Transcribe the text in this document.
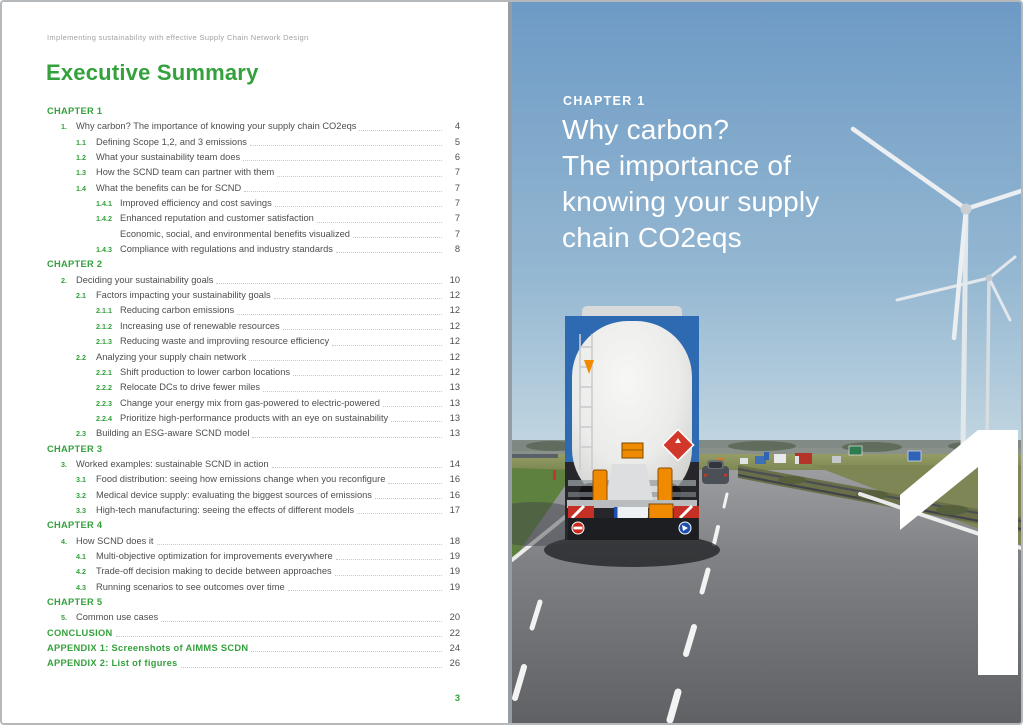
Implementing sustainability with effective Supply Chain Network Design
Executive Summary
CHAPTER 1
1. Why carbon? The importance of knowing your supply chain CO2eqs	4
1.1	Defining Scope 1,2, and 3 emissions	5
1.2	What your sustainability team does	6
1.3	How the SCND team can partner with them	7
1.4	What the benefits can be for SCND	7
1.4.1 Improved efficiency and cost savings	7
1.4.2 Enhanced reputation and customer satisfaction	7
Economic, social, and environmental benefits visualized	7
1.4.3 Compliance with regulations and industry standards	8
CHAPTER 2
2. Deciding your sustainability goals	10
2.1	Factors impacting your sustainability goals	12
2.1.1 Reducing carbon emissions	12
2.1.2 Increasing use of renewable resources	12
2.1.3 Reducing waste and improviing resource efficiency	12
2.2	Analyzing your supply chain network	12
2.2.1 Shift production to lower carbon locations	12
2.2.2 Relocate DCs to drive fewer miles	13
2.2.3 Change your energy mix from gas-powered to electric-powered	13
2.2.4 Prioritize high-performance products with an eye on sustainability	13
2.3	Building an ESG-aware SCND model	13
CHAPTER 3
3. Worked examples: sustainable SCND in action	14
3.1	Food distribution: seeing how emissions change when you reconfigure	16
3.2	Medical device supply: evaluating the biggest sources of emissions	16
3.3	High-tech manufacturing: seeing the effects of different models	17
CHAPTER 4
4. How SCND does it	18
4.1	Multi-objective optimization for improvements everywhere	19
4.2	Trade-off decision making to decide between approaches	19
4.3	Running scenarios to see outcomes over time	19
CHAPTER 5
5. Common use cases	20
CONCLUSION	22
APPENDIX 1: Screenshots of AIMMS SCDN	24
APPENDIX 2: List of figures	26
3
CHAPTER 1
Why carbon?
The importance of
knowing your supply
chain CO2eqs
